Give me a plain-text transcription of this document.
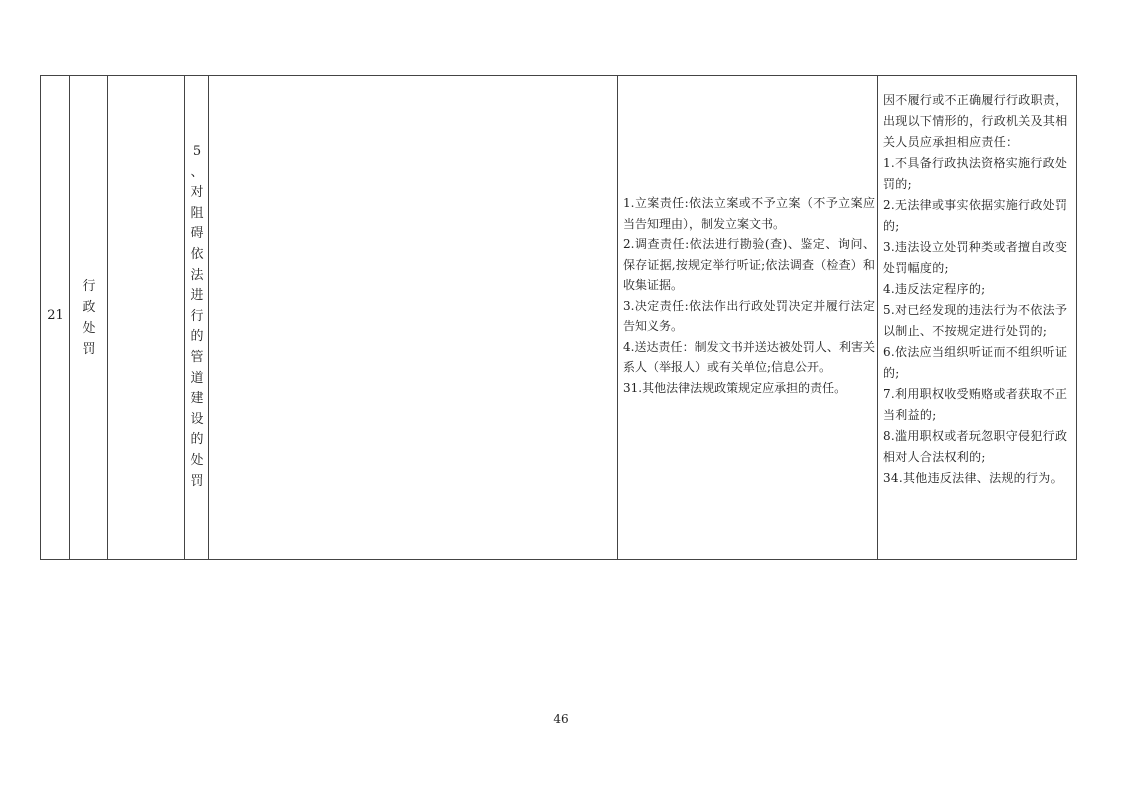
21
行
政
处
罚
5
、
对
阻
碍
依
法
进
行
的
管
道
建
设
的
处
罚
1.立案责任:依法立案或不予立案（不予立案应当告知理由），制发立案文书。
2.调查责任:依法进行勘验(查)、鉴定、询问、保存证据,按规定举行听证;依法调查（检查）和收集证据。
3.决定责任:依法作出行政处罚决定并履行法定告知义务。
4.送达责任：制发文书并送达被处罚人、利害关系人（举报人）或有关单位;信息公开。
31.其他法律法规政策规定应承担的责任。
因不履行或不正确履行行政职责，出现以下情形的，行政机关及其相关人员应承担相应责任：
1.不具备行政执法资格实施行政处罚的;
2.无法律或事实依据实施行政处罚的;
3.违法设立处罚种类或者擅自改变处罚幅度的;
4.违反法定程序的;
5.对已经发现的违法行为不依法予以制止、不按规定进行处罚的;
6.依法应当组织听证而不组织听证的;
7.利用职权收受贿赂或者获取不正当利益的;
8.滥用职权或者玩忽职守侵犯行政相对人合法权利的;
34.其他违反法律、法规的行为。
46
